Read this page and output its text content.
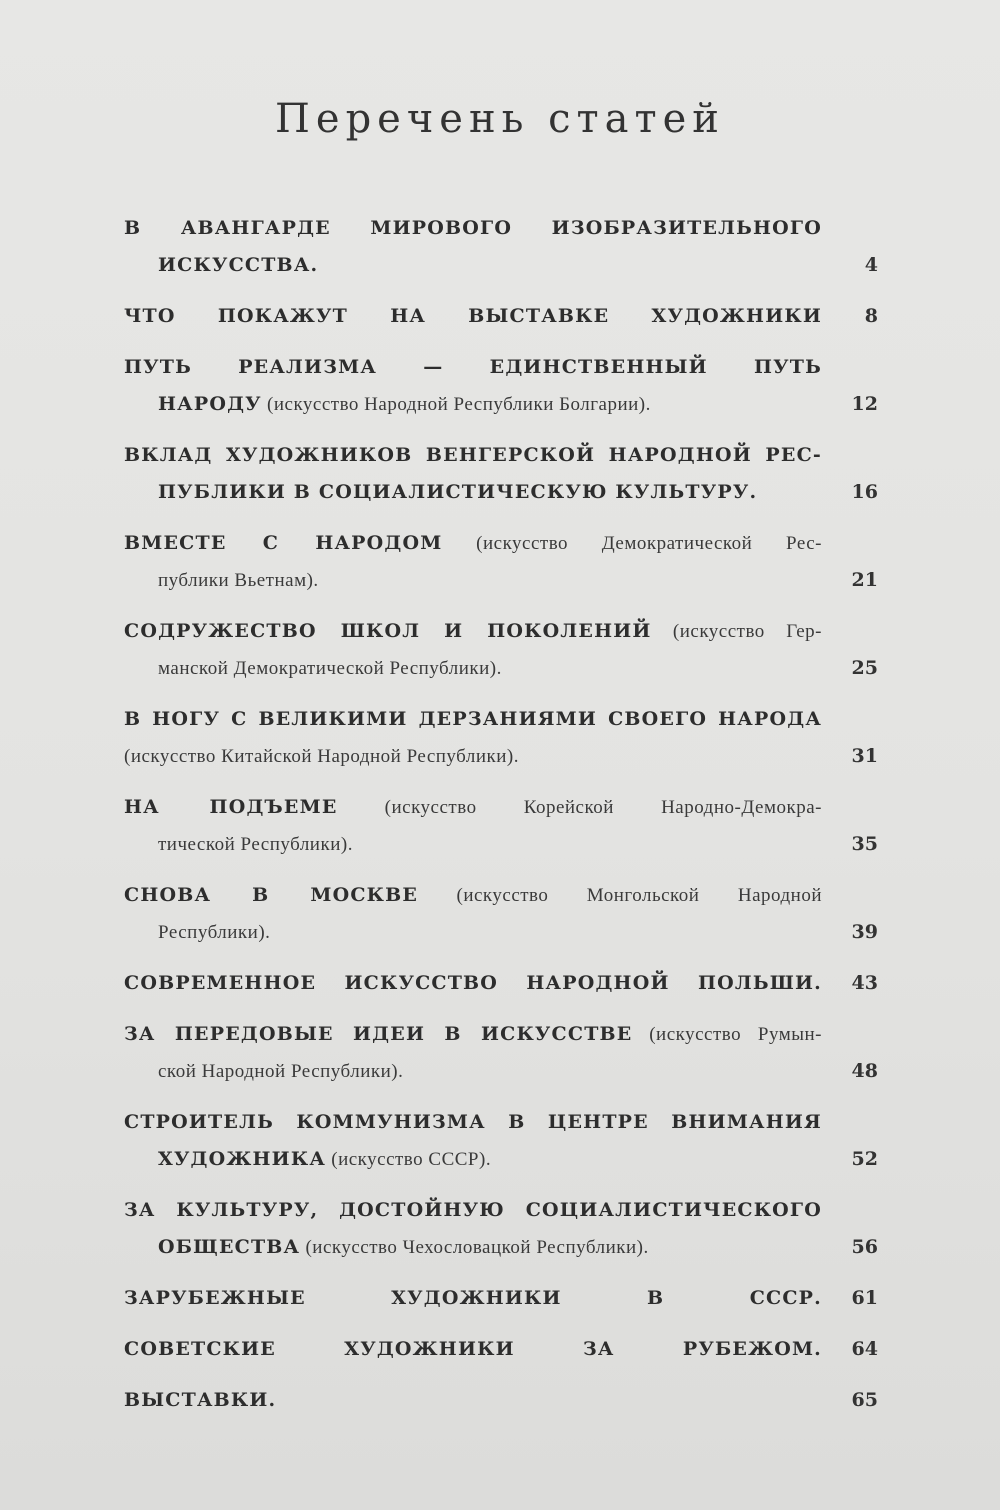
Перечень статей
В АВАНГАРДЕ МИРОВОГО ИЗОБРАЗИТЕЛЬНОГО
ИСКУССТВА.	4
ЧТО ПОКАЖУТ НА ВЫСТАВКЕ ХУДОЖНИКИ	8
ПУТЬ РЕАЛИЗМА — ЕДИНСТВЕННЫЙ ПУТЬ
НАРОДУ (искусство Народной Республики Болгарии).	12
ВКЛАД ХУДОЖНИКОВ ВЕНГЕРСКОЙ НАРОДНОЙ РЕС-
ПУБЛИКИ В СОЦИАЛИСТИЧЕСКУЮ КУЛЬТУРУ.	16
ВМЕСТЕ С НАРОДОМ (искусство Демократической Рес-
публики Вьетнам).	21
СОДРУЖЕСТВО ШКОЛ И ПОКОЛЕНИЙ (искусство Гер-
манской Демократической Республики).	25
В НОГУ С ВЕЛИКИМИ ДЕРЗАНИЯМИ СВОЕГО НАРОДА
(искусство Китайской Народной Республики).	31
НА ПОДЪЕМЕ (искусство Корейской Народно-Демокра-
тической Республики).	35
СНОВА В МОСКВЕ (искусство Монгольской Народной
Республики).	39
СОВРЕМЕННОЕ ИСКУССТВО НАРОДНОЙ ПОЛЬШИ.	43
ЗА ПЕРЕДОВЫЕ ИДЕИ В ИСКУССТВЕ (искусство Румын-
ской Народной Республики).	48
СТРОИТЕЛЬ КОММУНИЗМА В ЦЕНТРЕ ВНИМАНИЯ
ХУДОЖНИКА (искусство СССР).	52
ЗА КУЛЬТУРУ, ДОСТОЙНУЮ СОЦИАЛИСТИЧЕСКОГО
ОБЩЕСТВА (искусство Чехословацкой Республики).	56
ЗАРУБЕЖНЫЕ ХУДОЖНИКИ В СССР.	61
СОВЕТСКИЕ ХУДОЖНИКИ ЗА РУБЕЖОМ.	64
ВЫСТАВКИ.	65
